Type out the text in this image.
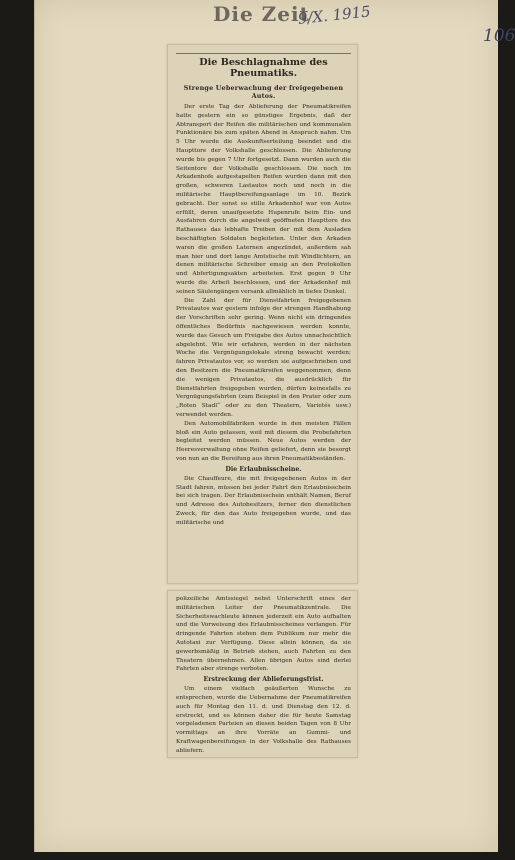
Die Zeit
9/X. 1915
106
Die Beschlagnahme des Pneumatiks.
Strenge Ueberwachung der freigegebenen Autos.

Der erste Tag der Ablieferung der Pneumatikreifen hatte gestern ein so günstiges Ergebnis, daß der Abtransport der Reifen die militärischen und kommunalen Funktionäre bis zum späten Abend in Anspruch nahm. Um 5 Uhr wurde die Auskunftserteilung beendet und die Haupttore der Volkshalle geschlossen. Die Ablieferung wurde bis gegen 7 Uhr fortgesetzt. Dann wurden auch die Seitentore der Volkshalle geschlossen. Die noch im Arkadenhofe aufgestapelten Reifen wurden dann mit den großen, schweren Lastautos noch und noch in die militärische Hauptbereifungsanlage im 10. Bezirk gebracht. Der sonst so stille Arkadenhof war von Autos erfüllt, deren unaufgesetzte Hupenrufe beim Ein- und Ausfahren durch die angelweit geöffneten Haupttore des Rathauses das lebhafte Treiben der mit dem Ausladen beschäftigten Soldaten begleiteten. Unter den Arkaden waren die großen Laternen angezündet, außerdem sah man hier und dort lange Amtstische mit Windlichtern, an denen militärische Schreiber emsig an den Protokollen und Abfertigungsakten arbeiteten. Erst gegen 9 Uhr wurde die Arbeit beschlossen, und der Arkadenhof mit seinen Säulengängen versank allmählich in tiefes Dunkel.

Die Zahl der für Dienstfahrten freigegebenen Privatautos war gestern infolge der strengen Handhabung der Vorschriften sehr gering. Wenn nicht ein dringendes öffentliches Bedürfnis nachgewiesen werden konnte, wurde das Gesuch um Freigabe des Autos unnachsichtlich abgelehnt. Wie wir erfahren, werden in der nächsten Woche die Vergnügungslokale streng bewacht werden; fahren Privatautos vor, so werden sie aufgeschrieben und den Besitzern die Pneumatikreifen weggenommen, denn die wenigen Privatautos, die ausdrücklich für Dienstfahrten freigegeben wurden, dürfen keinesfalls zu Vergnügungsfahrten (zum Beispiel in den Prater oder zum „Roten Stadl“ oder zu den Theatern, Varietés usw.) verwendet werden.

Den Automobilfabriken wurde in den meisten Fällen bloß ein Auto gelassen, weil mit diesem die Probefahrten begleitet werden müssen. Neue Autos werden der Heeresverwaltung ohne Reifen geliefert, denn sie besorgt von nun an die Bereifung aus ihren Pneumatikbeständen.

Die Erlaubnisscheine.

Die Chauffeure, die mit freigegebenen Autos in der Stadt fahren, müssen bei jeder Fahrt den Erlaubnisschein bei sich tragen. Der Erlaubnisschein enthält Namen, Beruf und Adresse des Autobesitzers, ferner den dienstlichen Zweck, für den das Auto freigegeben wurde, und das militärische und

polizeiliche Amtssiegel nebst Unterschrift eines der militärischen Leiter der Pneumatikzentrale. Die Sicherheitswachleute können jederzeit ein Auto aufhalten und die Vorweisung des Erlaubnisscheines verlangen. Für dringende Fahrten stehen dem Publikum nur mehr die Autotaxi zur Verfügung. Diese allein können, da sie gewerbsmäßig in Betrieb stehen, auch Fahrten zu den Theatern übernehmen. Allen übrigen Autos sind derlei Fahrten aber strenge verboten.

Erstreckung der Ablieferungsfrist.

Um einem vielfach geäußerten Wunsche zu entsprechen, wurde die Uebernahme der Pneumatikreifen auch für Montag den 11. d. und Dienstag den 12. d. erstreckt, und es können daher die für heute Samstag vorgeladenen Parteien an diesen beiden Tagen von 8 Uhr vormittags an ihre Vorräte an Gummi- und Kraftwagenbereifungen in der Volkshalle des Rathauses abliefern.
